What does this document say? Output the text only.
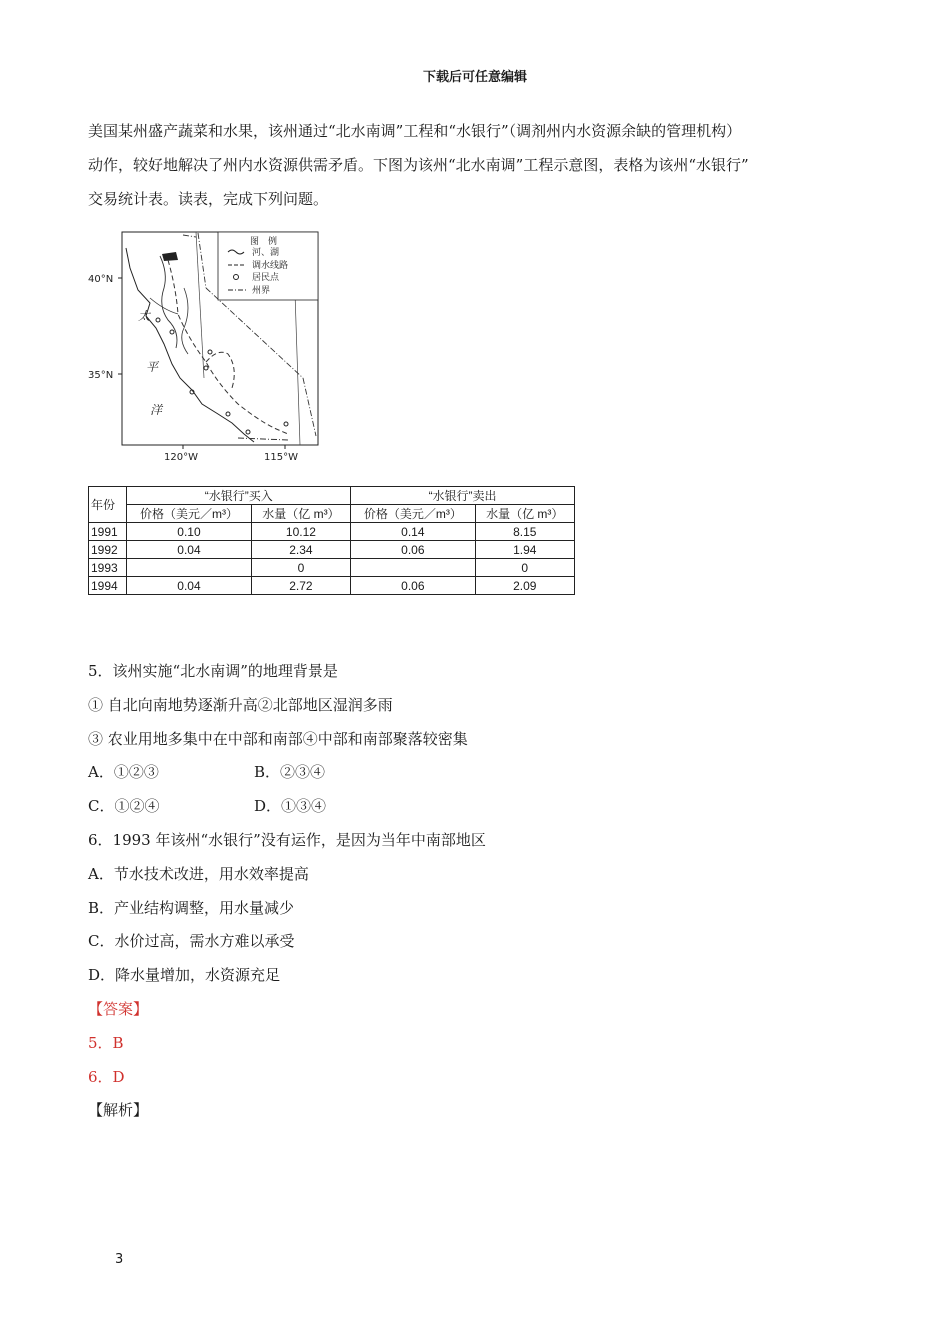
下载后可任意编辑

美国某州盛产蔬菜和水果，该州通过“北水南调”工程和“水银行”（调剂州内水资源余缺的管理机构）

动作，较好地解决了州内水资源供需矛盾。下图为该州“北水南调”工程示意图，表格为该州“水银行”

交易统计表。读表，完成下列问题。

40°N
35°N
120°W	115°W
图　例
河、湖
调水线路
居民点
州界
太
平
洋
年份	“水银行”买入		“水银行”卖出	
	价格（美元／m³）	水量（亿 m³）	价格（美元／m³）	水量（亿 m³）
1991	0.10	10.12	0.14	8.15
1992	0.04	2.34	0.06	1.94
1993		0		0
1994	0.04	2.72	0.06	2.09

5．该州实施“北水南调”的地理背景是

① 自北向南地势逐渐升高②北部地区湿润多雨

③ 农业用地多集中在中部和南部④中部和南部聚落较密集

A．①②③	B．②③④
C．①②④	D．①③④

6．1993 年该州“水银行”没有运作，是因为当年中南部地区

A．节水技术改进，用水效率提高

B．产业结构调整，用水量减少

C．水价过高，需水方难以承受

D．降水量增加，水资源充足

【答案】

5．B

6．D

【解析】

3
